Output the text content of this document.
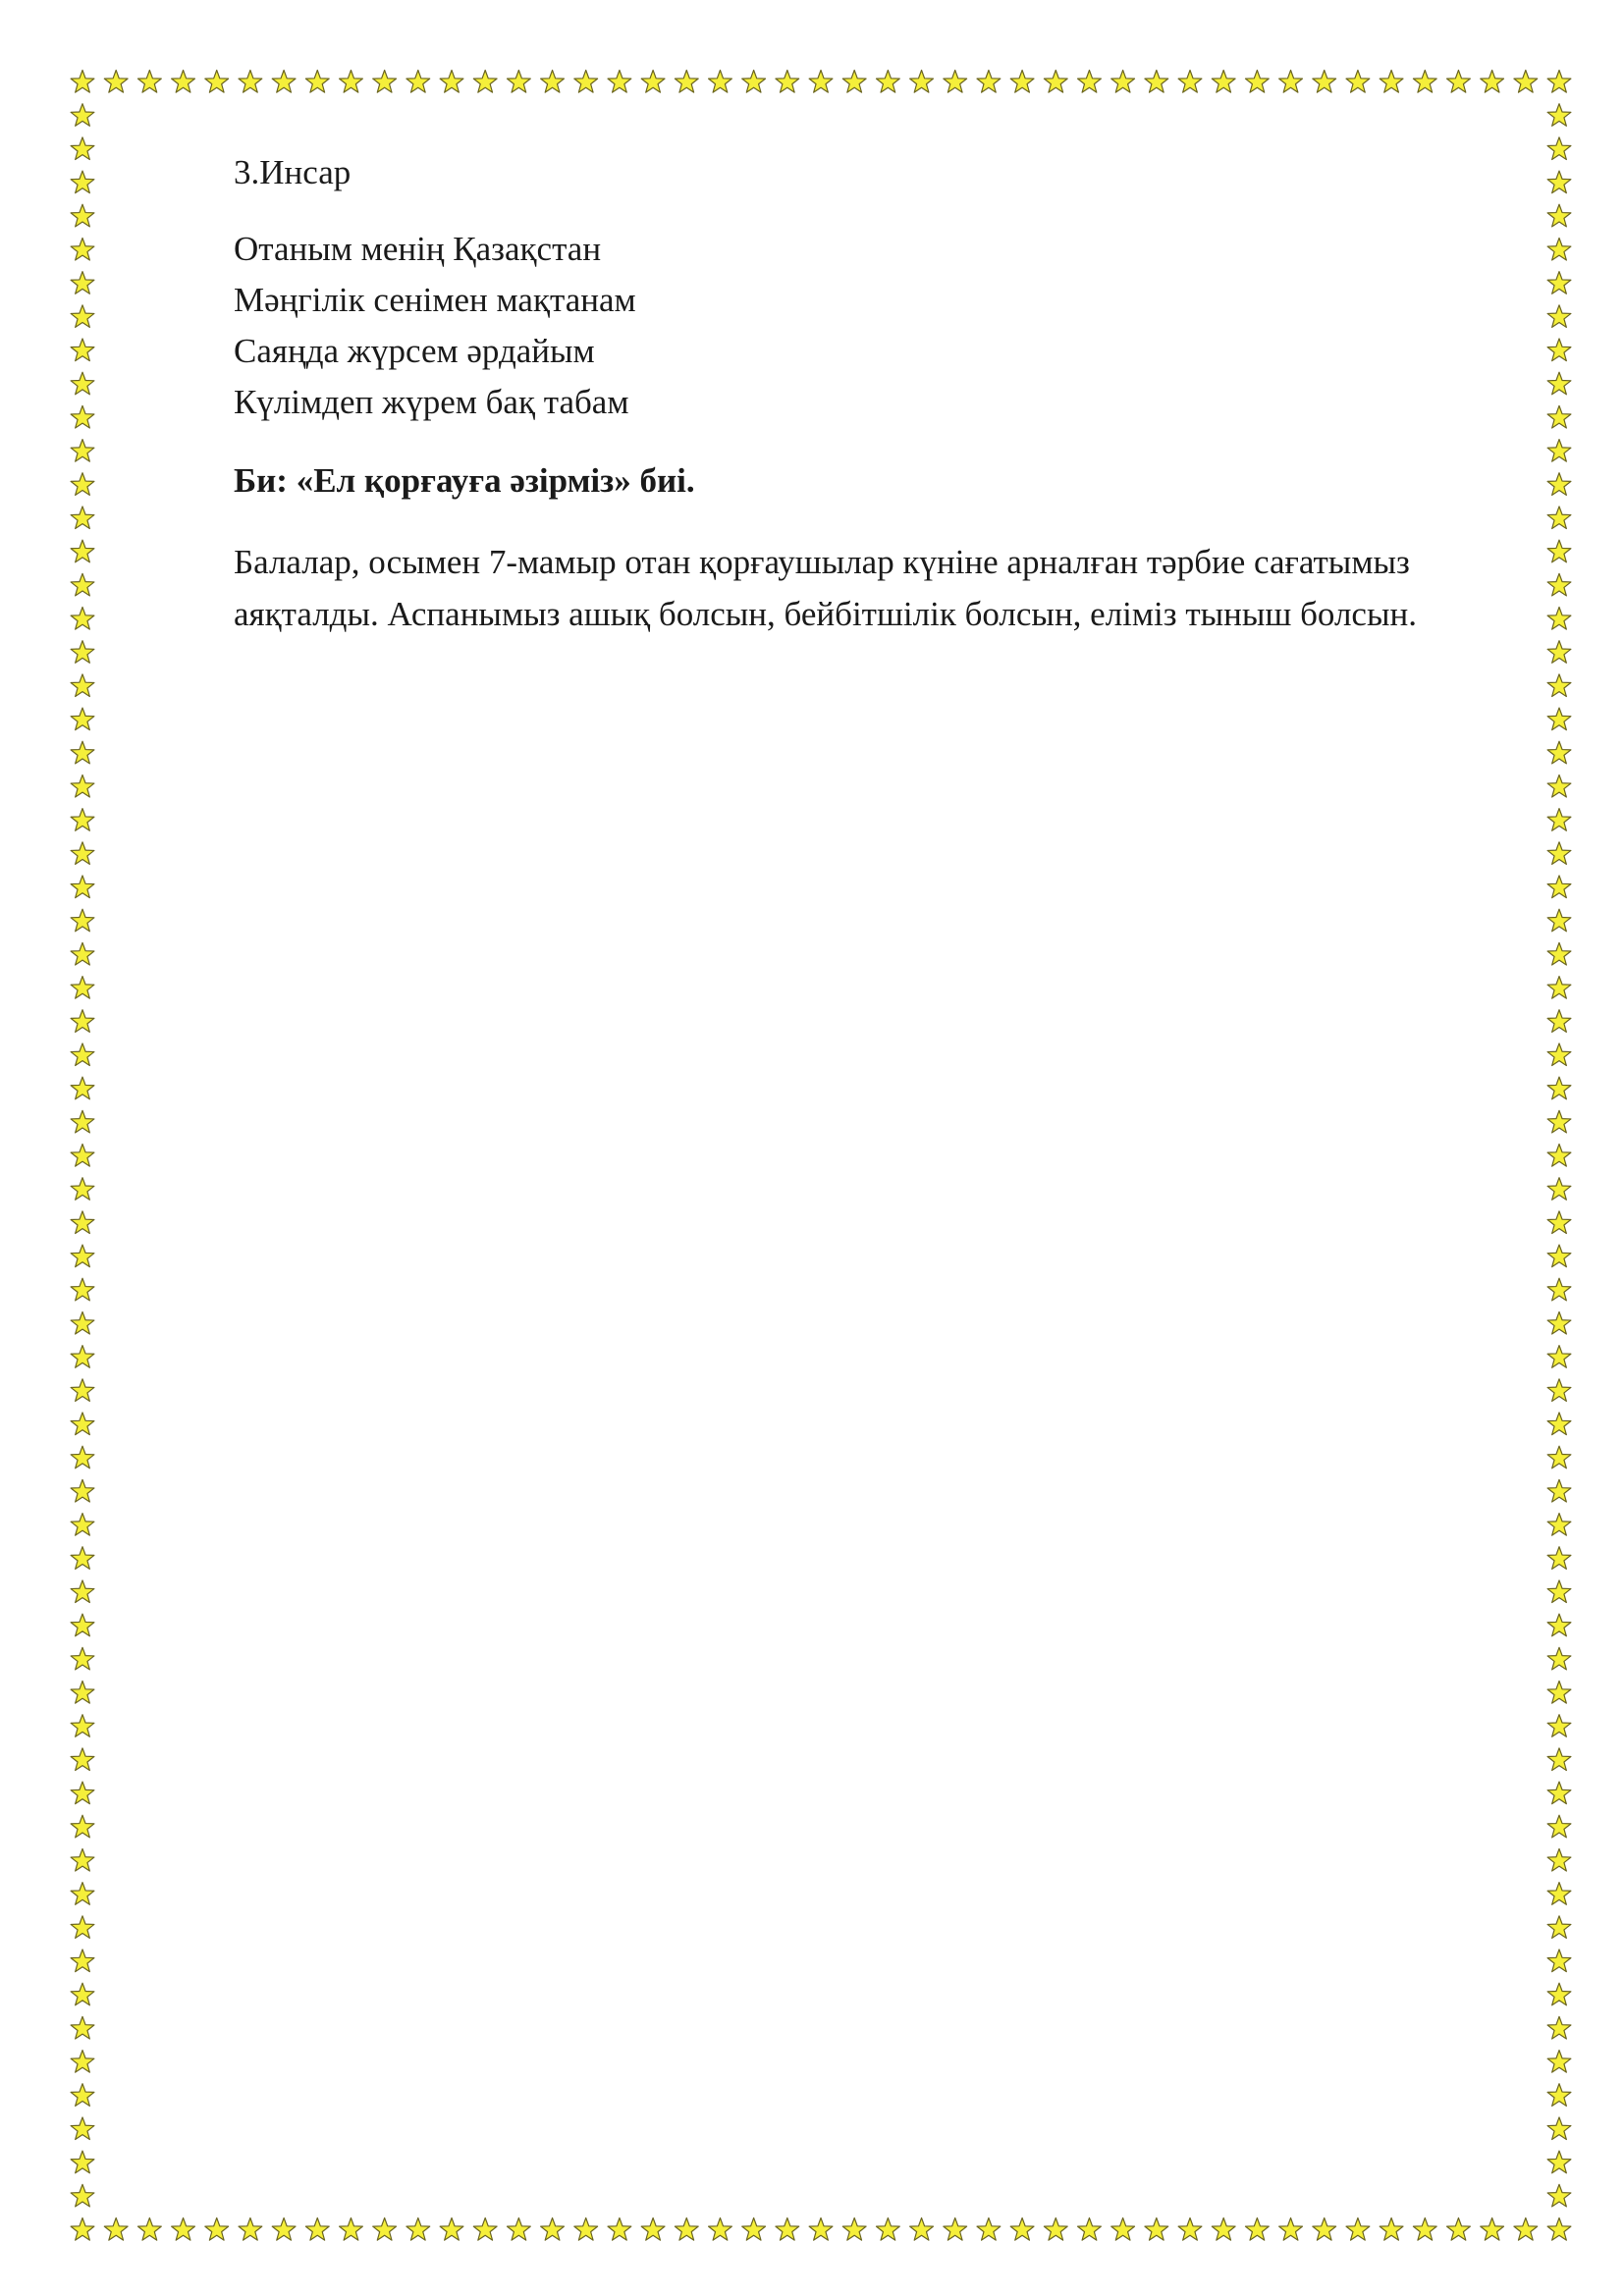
3.Инсар

Отаным менің Қазақстан
Мәңгілік сенімен мақтанам
Саяңда жүрсем әрдайым
Күлімдеп жүрем бақ табам

Би: «Ел қорғауға әзірміз» биі.

Балалар, осымен 7-мамыр отан қорғаушылар күніне арналған тәрбие сағатымыз аяқталды. Аспанымыз ашық болсын, бейбітшілік болсын, еліміз тыныш болсын.
